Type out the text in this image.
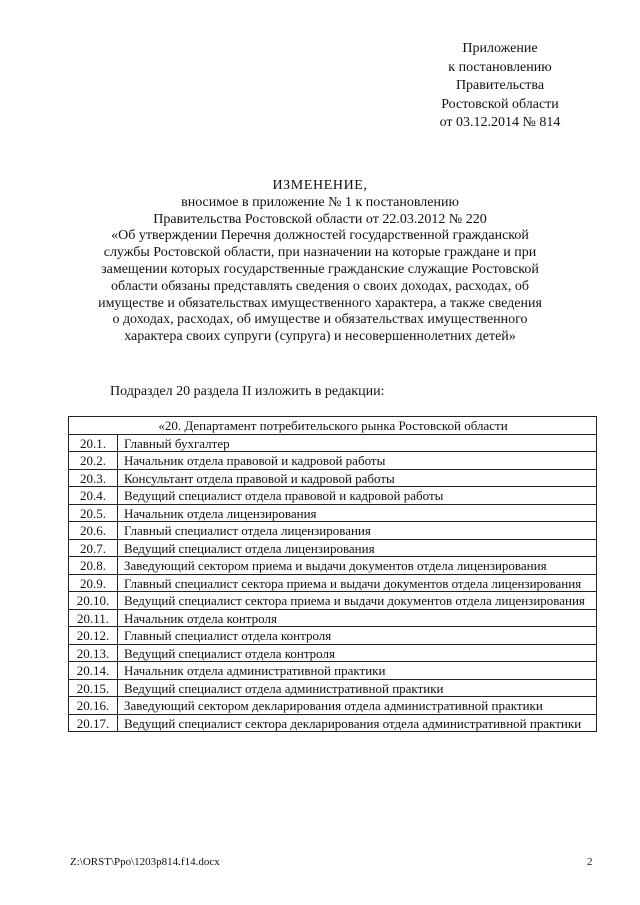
Приложение
к постановлению
Правительства
Ростовской области
от 03.12.2014 № 814
ИЗМЕНЕНИЕ,
вносимое в приложение № 1 к постановлению
Правительства Ростовской области от 22.03.2012 № 220
«Об утверждении Перечня должностей государственной гражданской
службы Ростовской области, при назначении на которые граждане и при
замещении которых государственные гражданские служащие Ростовской
области обязаны представлять сведения о своих доходах, расходах, об
имуществе и обязательствах имущественного характера, а также сведения
о доходах, расходах, об имуществе и обязательствах имущественного
характера своих супруги (супруга) и несовершеннолетних детей»
Подраздел 20 раздела II изложить в редакции:
«20. Департамент потребительского рынка Ростовской области	
20.1.	Главный бухгалтер
20.2.	Начальник отдела правовой и кадровой работы
20.3.	Консультант отдела правовой и кадровой работы
20.4.	Ведущий специалист отдела правовой и кадровой работы
20.5.	Начальник отдела лицензирования
20.6.	Главный специалист отдела лицензирования
20.7.	Ведущий специалист отдела лицензирования
20.8.	Заведующий сектором приема и выдачи документов отдела лицензирования
20.9.	Главный специалист сектора приема и выдачи документов отдела лицензирования
20.10.	Ведущий специалист сектора приема и выдачи документов отдела лицензирования
20.11.	Начальник отдела контроля
20.12.	Главный специалист отдела контроля
20.13.	Ведущий специалист отдела контроля
20.14.	Начальник отдела административной практики
20.15.	Ведущий специалист отдела административной практики
20.16.	Заведующий сектором декларирования отдела административной практики
20.17.	Ведущий специалист сектора декларирования отдела административной практики
Z:\ORST\Ppo\1203p814.f14.docx	2
